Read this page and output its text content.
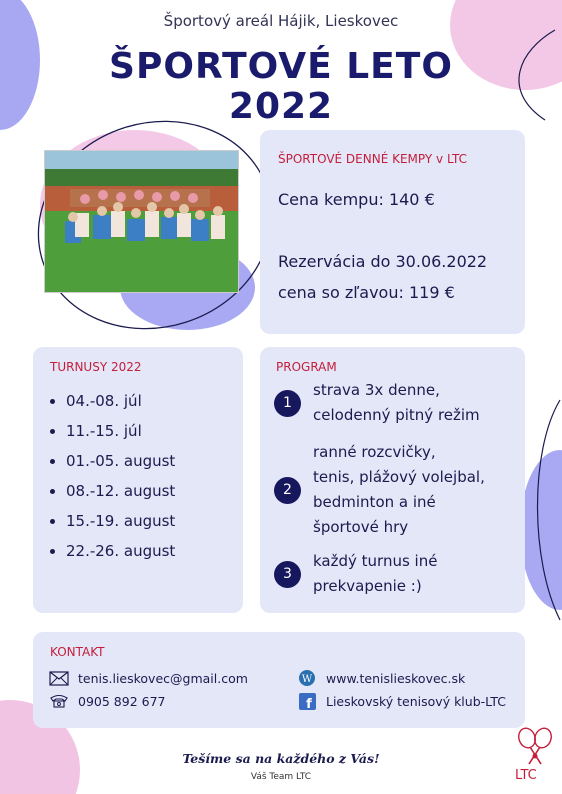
Športový areál Hájik, Lieskovec
ŠPORTOVÉ LETO
2022
ŠPORTOVÉ DENNÉ KEMPY v LTC
Cena kempu: 140 €
Rezervácia do 30.06.2022
cena so zľavou: 119 €
TURNUSY 2022
04.-08. júl
11.-15. júl
01.-05. august
08.-12. august
15.-19. august
22.-26. august
PROGRAM
1
strava 3x denne,
celodenný pitný režim
2
ranné rozcvičky,
tenis, plážový volejbal,
bedminton a iné
športové hry
3
každý turnus iné
prekvapenie :)
KONTAKT
tenis.lieskovec@gmail.com
0905 892 677
W www.tenislieskovec.sk
f Lieskovský tenisový klub-LTC
Tešíme sa na každého z Vás!
Váš Team LTC	LTC
